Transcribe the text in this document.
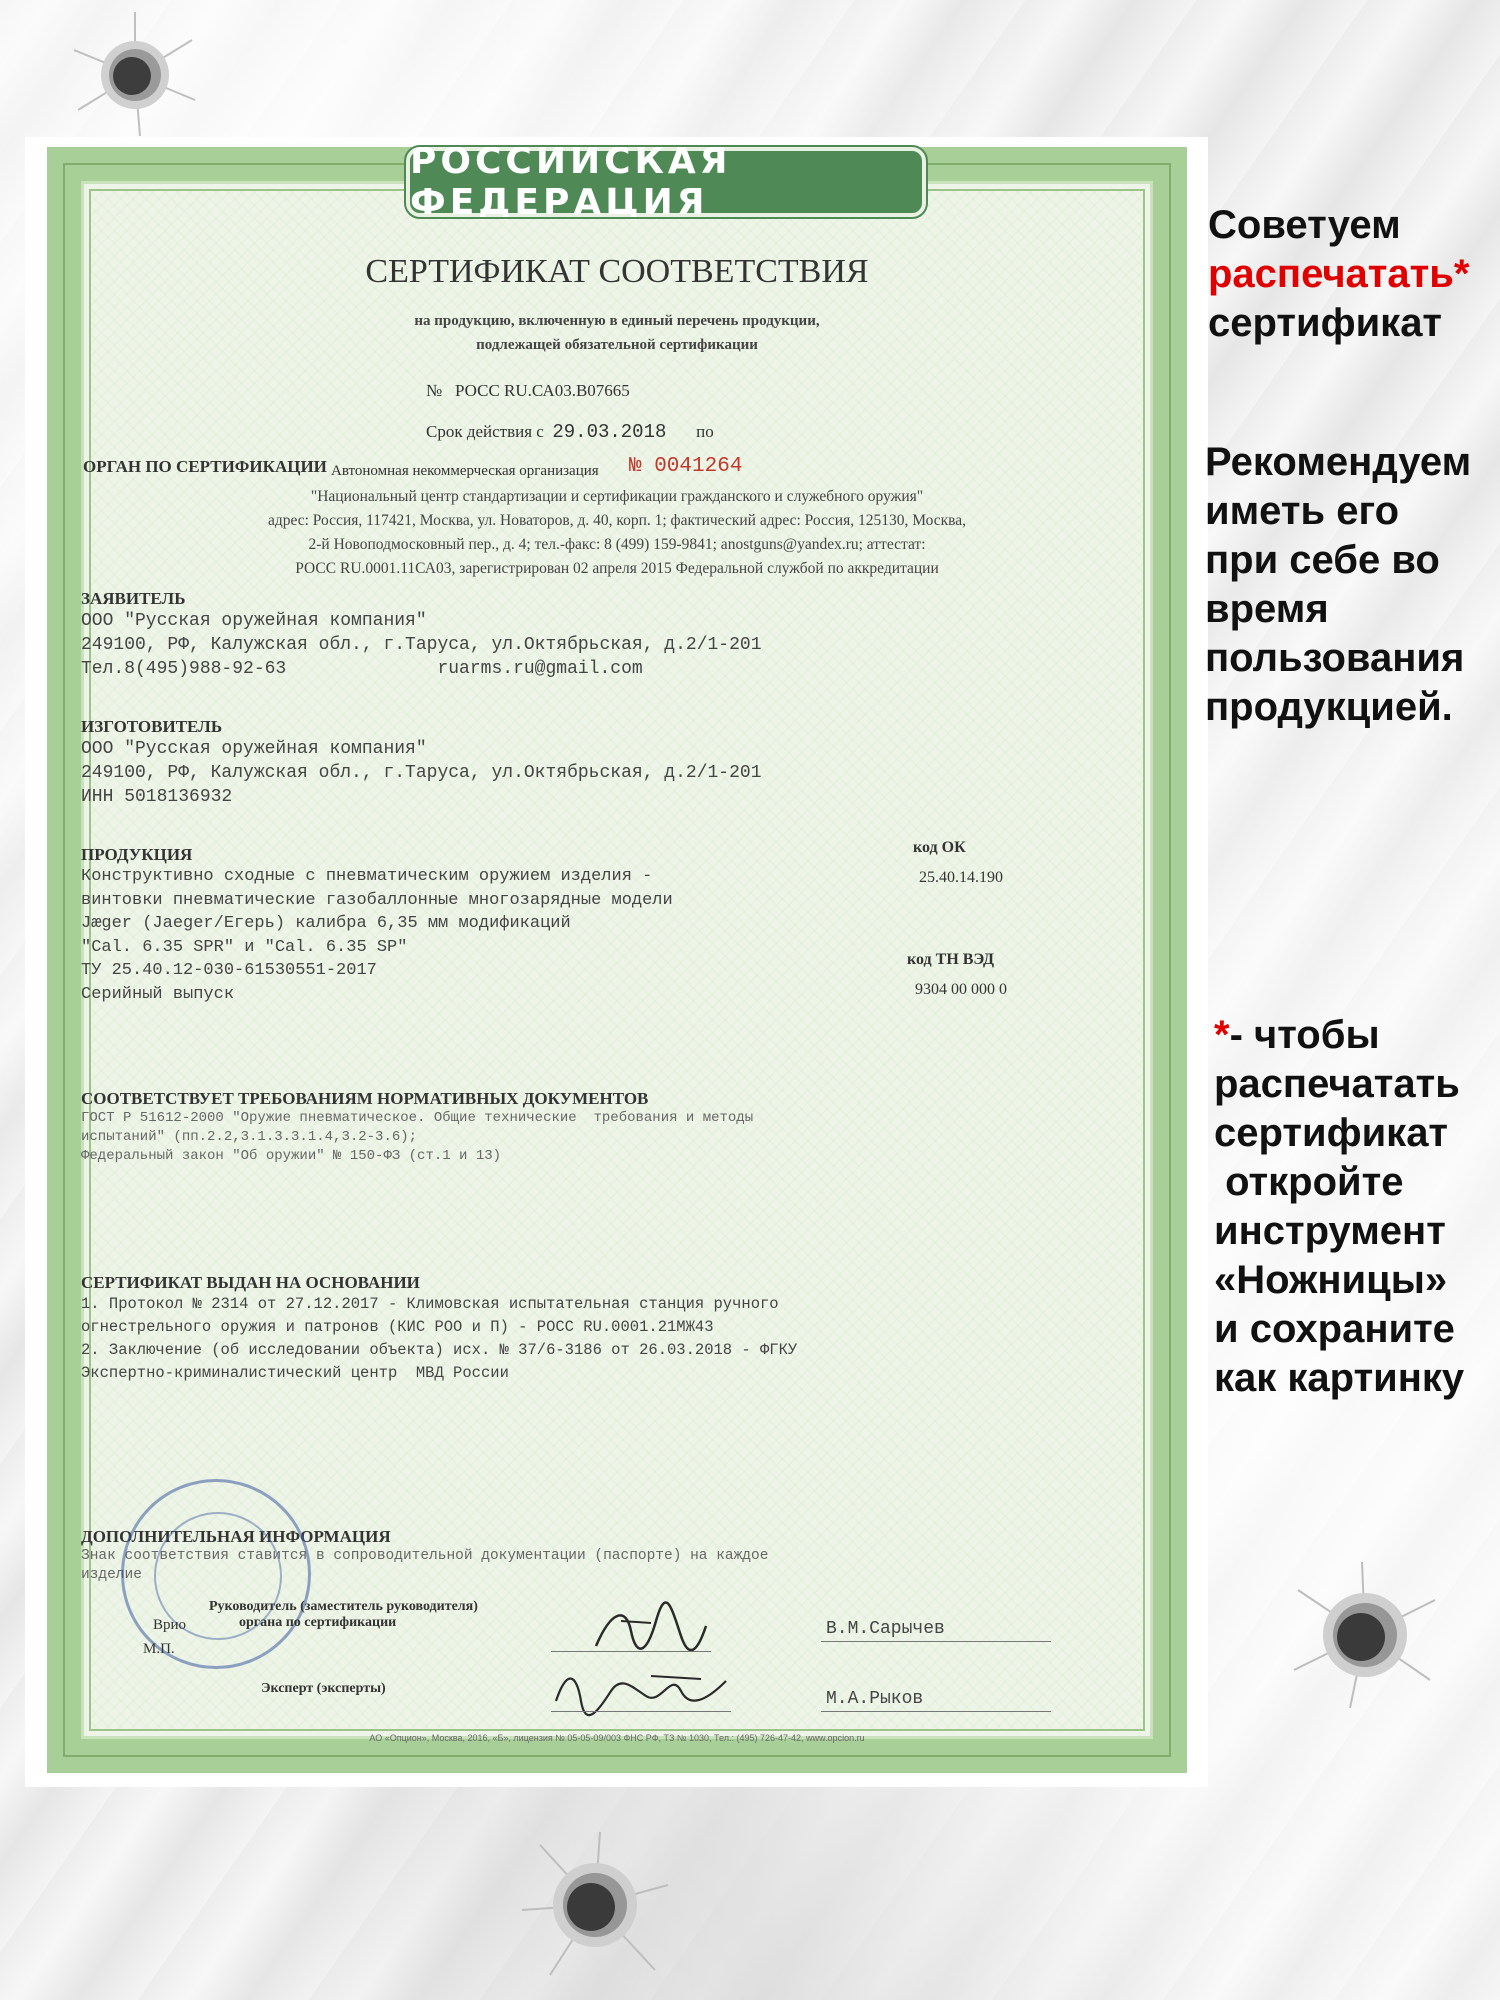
РОССИЙСКАЯ ФЕДЕРАЦИЯ
СЕРТИФИКАТ СООТВЕТСТВИЯ
на продукцию, включенную в единый перечень продукции,
подлежащей обязательной сертификации
№ РОСС RU.СА03.В07665
Срок действия с 29.03.2018 по
ОРГАН ПО СЕРТИФИКАЦИИ Автономная некоммерческая организация № 0041264
"Национальный центр стандартизации и сертификации гражданского и служебного оружия"
адрес: Россия, 117421, Москва, ул. Новаторов, д. 40, корп. 1; фактический адрес: Россия, 125130, Москва,
2-й Новоподмосковный пер., д. 4; тел.-факс: 8 (499) 159-9841; anostguns@yandex.ru; аттестат:
РОСС RU.0001.11СА03, зарегистрирован 02 апреля 2015 Федеральной службой по аккредитации
ЗАЯВИТЕЛЬ
ООО "Русская оружейная компания"
249100, РФ, Калужская обл., г.Таруса, ул.Октябрьская, д.2/1-201
Тел.8(495)988-92-63              ruarms.ru@gmail.com
ИЗГОТОВИТЕЛЬ
ООО "Русская оружейная компания"
249100, РФ, Калужская обл., г.Таруса, ул.Октябрьская, д.2/1-201
ИНН 5018136932
ПРОДУКЦИЯ
Конструктивно сходные с пневматическим оружием изделия -
винтовки пневматические газобаллонные многозарядные модели
Jæger (Jaeger/Егерь) калибра 6,35 мм модификаций
"Cal. 6.35 SPR" и "Cal. 6.35 SP"
ТУ 25.40.12-030-61530551-2017
Серийный выпуск
код ОК
25.40.14.190
код ТН ВЭД
9304 00 000 0
СООТВЕТСТВУЕТ ТРЕБОВАНИЯМ НОРМАТИВНЫХ ДОКУМЕНТОВ
ГОСТ Р 51612-2000 "Оружие пневматическое. Общие технические  требования и методы
испытаний" (пп.2.2,3.1.3.3.1.4,3.2-3.6);
Федеральный закон "Об оружии" № 150-ФЗ (ст.1 и 13)
СЕРТИФИКАТ ВЫДАН НА ОСНОВАНИИ
1. Протокол № 2314 от 27.12.2017 - Климовская испытательная станция ручного
огнестрельного оружия и патронов (КИС РОО и П) - РОСС RU.0001.21МЖ43
2. Заключение (об исследовании объекта) исх. № 37/6-3186 от 26.03.2018 - ФГКУ
Экспертно-криминалистический центр  МВД России
ДОПОЛНИТЕЛЬНАЯ ИНФОРМАЦИЯ
Знак соответствия ставится в сопроводительной документации (паспорте) на каждое
изделие
Врио
М.П.
Руководитель (заместитель руководителя)
органа по сертификации
Эксперт (эксперты)
В.М.Сарычев
М.А.Рыков
АО «Опцион», Москва, 2016, «Б», лицензия № 05-05-09/003 ФНС РФ, ТЗ № 1030, Тел.: (495) 726-47-42, www.opcion.ru
Советуем
распечатать*
сертификат
Рекомендуем
иметь его
при себе во
время
пользования
продукцией.
*- чтобы
распечатать
сертификат
откройте
инструмент
«Ножницы»
и сохраните
как картинку
